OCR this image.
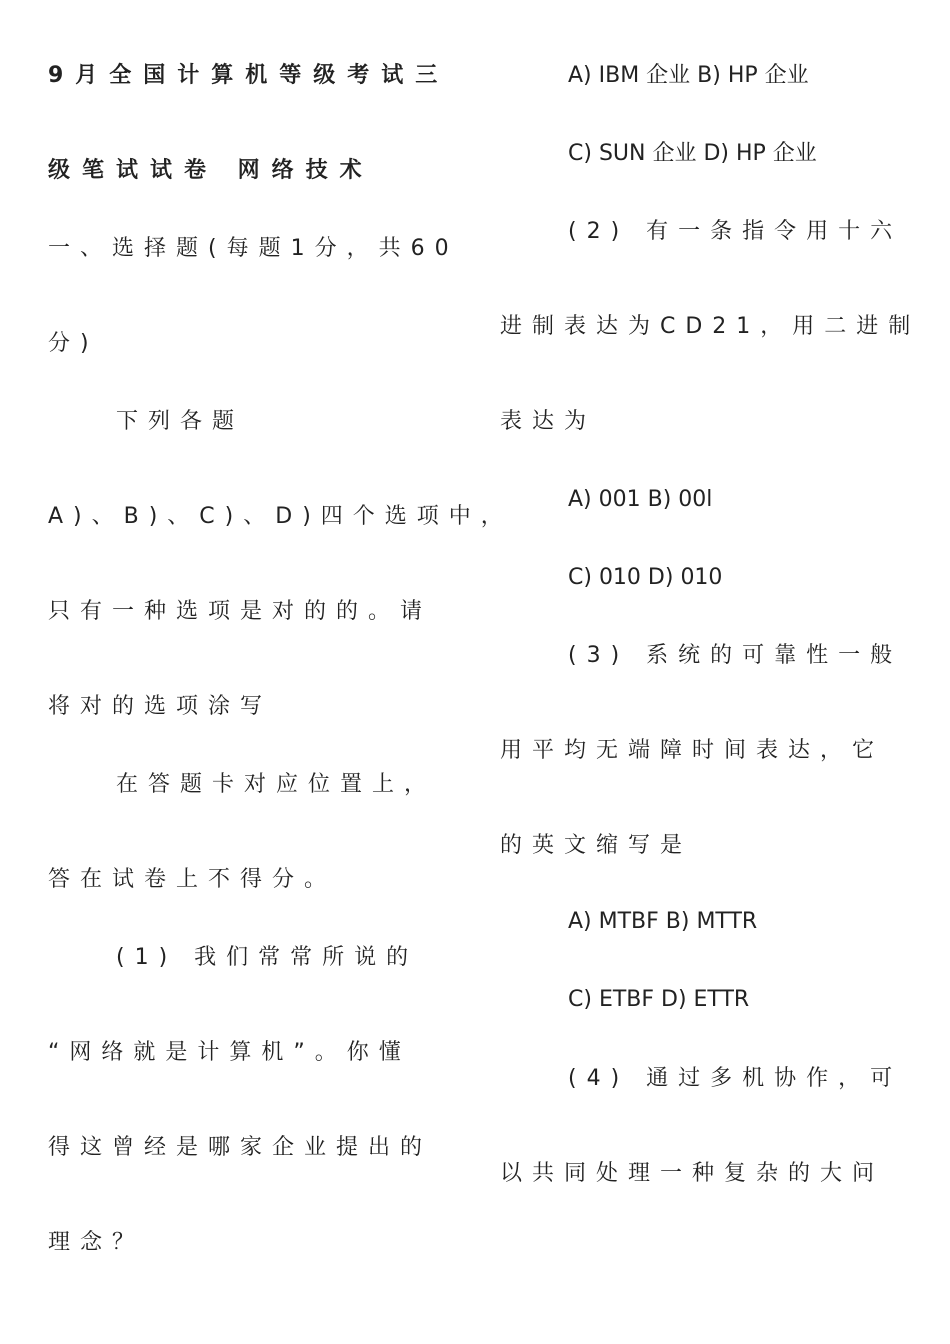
9月全国计算机等级考试三
级笔试试卷 网络技术
一、选择题(每题1分，共60
分)
下列各题
A)、B)、C)、D)四个选项中，
只有一种选项是对的的。请
将对的选项涂写
在答题卡对应位置上，
答在试卷上不得分。
(1) 我们常常所说的
“网络就是计算机”。你懂
得这曾经是哪家企业提出的
理念？
A) IBM 企业 B) HP 企业
C) SUN 企业 D) HP 企业
(2) 有一条指令用十六
进制表达为CD21，用二进制
表达为
A) 001 B) 00l
C) 010 D) 010
(3) 系统的可靠性一般
用平均无端障时间表达，它
的英文缩写是
A) MTBF B) MTTR
C) ETBF D) ETTR
(4) 通过多机协作，可
以共同处理一种复杂的大问
